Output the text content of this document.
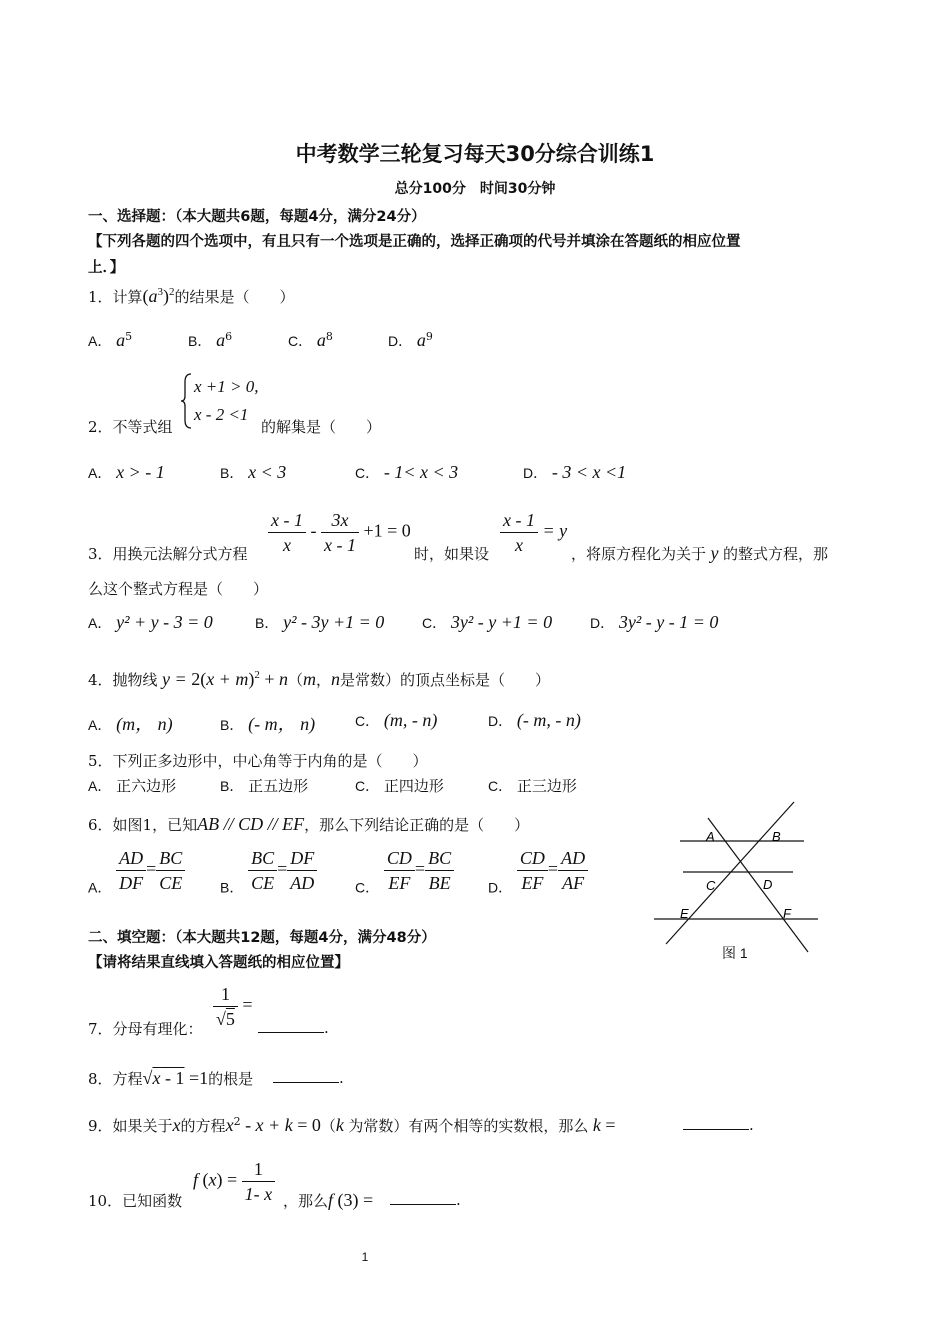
中考数学三轮复习每天30分综合训练1
总分100分　时间30分钟
一、选择题：（本大题共6题，每题4分，满分24分）
【下列各题的四个选项中，有且只有一个选项是正确的，选择正确项的代号并填涂在答题纸的相应位置
上．】
1．计算$(a^3)^2$的结果是（　　）
A． $a^5$	B． $a^6$	C． $a^8$	D． $a^9$
2．不等式组
x +1 > 0,
x - 2 <1
的解集是（　　）
A． x > - 1	B． x < 3	C． - 1< x < 3	D． - 3 < x <1
3．用换元法解分式方程 $\frac{x - 1}{x} - \frac{3x}{x - 1} +1 = 0$
时，如果设 $\frac{x - 1}{x} = y$
，将原方程化为关于 y 的整式方程，那
么这个整式方程是（　　）
A． y² + y - 3 = 0	B． y² - 3y +1 = 0	C． 3y² - y +1 = 0	D． 3y² - y - 1 = 0
4．抛物线 $y = 2(x + m)^2 + n(m$，n是常数）的顶点坐标是（　　）
A． (m， n)	B． (- m， n)	C． (m, - n)	D． (- m, - n)
5．下列正多边形中，中心角等于内角的是（　　）
A． 正六边形	B． 正五边形	C． 正四边形	C． 正三边形
6．如图1，已知AB // CD // EF，那么下列结论正确的是（　　）
A． $\frac{AD}{DF} = \frac{BC}{CE}$ B． $\frac{BC}{CE} = \frac{DF}{AD}$	C． $\frac{CD}{EF} = \frac{BC}{BE}$ D． $\frac{CD}{EF} = \frac{AD}{AF}$
A	B
C	D
E	F
图 1
二、填空题：（本大题共12题，每题4分，满分48分）
【请将结果直线填入答题纸的相应位置】
7．分母有理化： $\frac{1}{√5}$ =
.
8．方程√x - 1 =1的根是	.
9．如果关于x的方程$x^2 - x + k = 0(k$ 为常数）有两个相等的实数根，那么 k =	.
10．已知函数
f $(x) = \frac{1}{1- x}$ ，那么f (3) =	.
1
